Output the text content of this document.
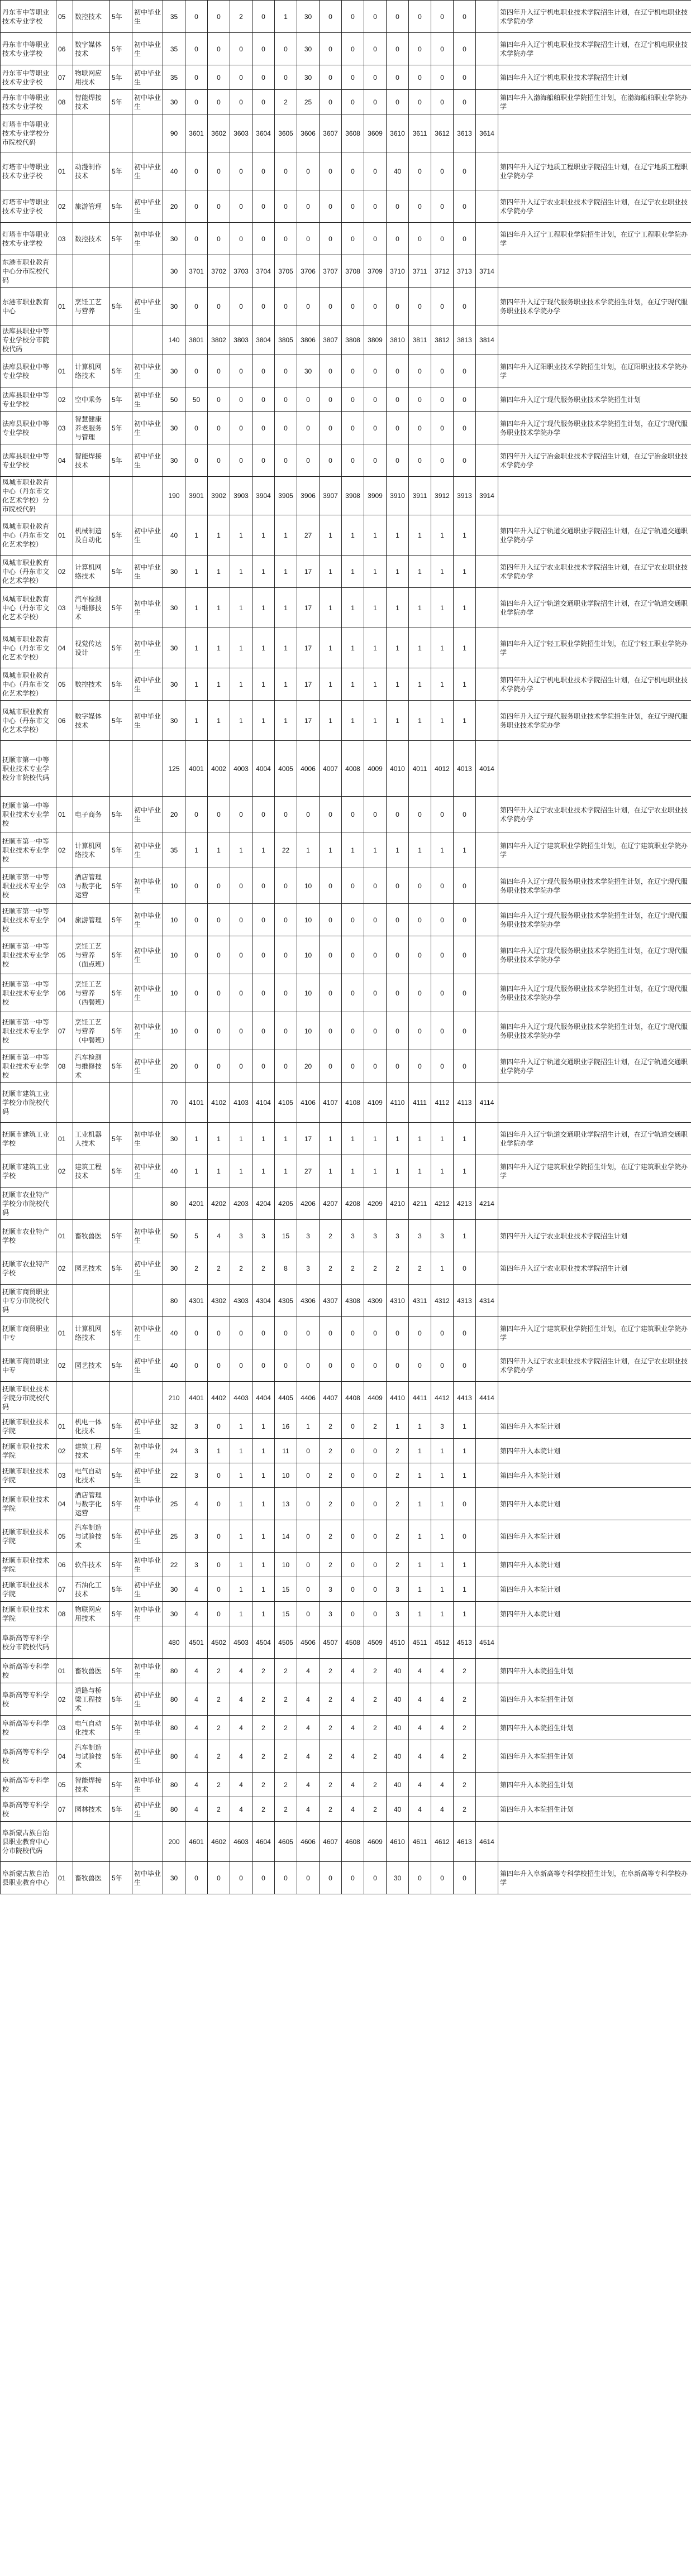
丹东市中等职业技术专业学校	05	数控技术	5年	初中毕业生	35	0	0	2	0	1	30	0	0	0	0	0	0	0		第四年升入辽宁机电职业技术学院招生计划，在辽宁机电职业技术学院办学
丹东市中等职业技术专业学校	06	数字媒体技术	5年	初中毕业生	35	0	0	0	0	0	30	0	0	0	0	0	0	0		第四年升入辽宁机电职业技术学院招生计划，在辽宁机电职业技术学院办学
丹东市中等职业技术专业学校	07	物联网应用技术	5年	初中毕业生	35	0	0	0	0	0	30	0	0	0	0	0	0	0		第四年升入辽宁机电职业技术学院招生计划
丹东市中等职业技术专业学校	08	智能焊接技术	5年	初中毕业生	30	0	0	0	0	2	25	0	0	0	0	0	0	0		第四年升入渤海船舶职业学院招生计划，在渤海船舶职业学院办学
灯塔市中等职业技术专业学校分市院校代码					90	3601	3602	3603	3604	3605	3606	3607	3608	3609	3610	3611	3612	3613	3614	
灯塔市中等职业技术专业学校	01	动漫制作技术	5年	初中毕业生	40	0	0	0	0	0	0	0	0	0	40	0	0	0		第四年升入辽宁地质工程职业学院招生计划，在辽宁地质工程职业学院办学
灯塔市中等职业技术专业学校	02	旅游管理	5年	初中毕业生	20	0	0	0	0	0	0	0	0	0	0	0	0	0		第四年升入辽宁农业职业技术学院招生计划，在辽宁农业职业技术学院办学
灯塔市中等职业技术专业学校	03	数控技术	5年	初中毕业生	30	0	0	0	0	0	0	0	0	0	0	0	0	0		第四年升入辽宁工程职业学院招生计划，在辽宁工程职业学院办学
东港市职业教育中心分市院校代码					30	3701	3702	3703	3704	3705	3706	3707	3708	3709	3710	3711	3712	3713	3714	
东港市职业教育中心	01	烹饪工艺与营养	5年	初中毕业生	30	0	0	0	0	0	0	0	0	0	0	0	0	0		第四年升入辽宁现代服务职业技术学院招生计划，在辽宁现代服务职业技术学院办学
法库县职业中等专业学校分市院校代码					140	3801	3802	3803	3804	3805	3806	3807	3808	3809	3810	3811	3812	3813	3814	
法库县职业中等专业学校	01	计算机网络技术	5年	初中毕业生	30	0	0	0	0	0	30	0	0	0	0	0	0	0		第四年升入辽阳职业技术学院招生计划，在辽阳职业技术学院办学
法库县职业中等专业学校	02	空中乘务	5年	初中毕业生	50	50	0	0	0	0	0	0	0	0	0	0	0	0		第四年升入辽宁现代服务职业技术学院招生计划
法库县职业中等专业学校	03	智慧健康养老服务与管理	5年	初中毕业生	30	0	0	0	0	0	0	0	0	0	0	0	0	0		第四年升入辽宁现代服务职业技术学院招生计划，在辽宁现代服务职业技术学院办学
法库县职业中等专业学校	04	智能焊接技术	5年	初中毕业生	30	0	0	0	0	0	0	0	0	0	0	0	0	0		第四年升入辽宁冶金职业技术学院招生计划，在辽宁冶金职业技术学院办学
凤城市职业教育中心（丹东市文化艺术学校）分市院校代码					190	3901	3902	3903	3904	3905	3906	3907	3908	3909	3910	3911	3912	3913	3914	
凤城市职业教育中心（丹东市文化艺术学校）	01	机械制造及自动化	5年	初中毕业生	40	1	1	1	1	1	27	1	1	1	1	1	1	1		第四年升入辽宁轨道交通职业学院招生计划，在辽宁轨道交通职业学院办学
凤城市职业教育中心（丹东市文化艺术学校）	02	计算机网络技术	5年	初中毕业生	30	1	1	1	1	1	17	1	1	1	1	1	1	1		第四年升入辽宁农业职业技术学院招生计划，在辽宁农业职业技术学院办学
凤城市职业教育中心（丹东市文化艺术学校）	03	汽车检测与维修技术	5年	初中毕业生	30	1	1	1	1	1	17	1	1	1	1	1	1	1		第四年升入辽宁轨道交通职业学院招生计划，在辽宁轨道交通职业学院办学
凤城市职业教育中心（丹东市文化艺术学校）	04	视觉传达设计	5年	初中毕业生	30	1	1	1	1	1	17	1	1	1	1	1	1	1		第四年升入辽宁轻工职业学院招生计划，在辽宁轻工职业学院办学
凤城市职业教育中心（丹东市文化艺术学校）	05	数控技术	5年	初中毕业生	30	1	1	1	1	1	17	1	1	1	1	1	1	1		第四年升入辽宁机电职业技术学院招生计划，在辽宁机电职业技术学院办学
凤城市职业教育中心（丹东市文化艺术学校）	06	数字媒体技术	5年	初中毕业生	30	1	1	1	1	1	17	1	1	1	1	1	1	1		第四年升入辽宁现代服务职业技术学院招生计划，在辽宁现代服务职业技术学院办学
抚顺市第一中等职业技术专业学校分市院校代码					125	4001	4002	4003	4004	4005	4006	4007	4008	4009	4010	4011	4012	4013	4014	
抚顺市第一中等职业技术专业学校	01	电子商务	5年	初中毕业生	20	0	0	0	0	0	0	0	0	0	0	0	0	0		第四年升入辽宁农业职业技术学院招生计划，在辽宁农业职业技术学院办学
抚顺市第一中等职业技术专业学校	02	计算机网络技术	5年	初中毕业生	35	1	1	1	1	22	1	1	1	1	1	1	1	1		第四年升入辽宁建筑职业学院招生计划，在辽宁建筑职业学院办学
抚顺市第一中等职业技术专业学校	03	酒店管理与数字化运营	5年	初中毕业生	10	0	0	0	0	0	10	0	0	0	0	0	0	0		第四年升入辽宁现代服务职业技术学院招生计划，在辽宁现代服务职业技术学院办学
抚顺市第一中等职业技术专业学校	04	旅游管理	5年	初中毕业生	10	0	0	0	0	0	10	0	0	0	0	0	0	0		第四年升入辽宁现代服务职业技术学院招生计划，在辽宁现代服务职业技术学院办学
抚顺市第一中等职业技术专业学校	05	烹饪工艺与营养（面点班）	5年	初中毕业生	10	0	0	0	0	0	10	0	0	0	0	0	0	0		第四年升入辽宁现代服务职业技术学院招生计划，在辽宁现代服务职业技术学院办学
抚顺市第一中等职业技术专业学校	06	烹饪工艺与营养（西餐班）	5年	初中毕业生	10	0	0	0	0	0	10	0	0	0	0	0	0	0		第四年升入辽宁现代服务职业技术学院招生计划，在辽宁现代服务职业技术学院办学
抚顺市第一中等职业技术专业学校	07	烹饪工艺与营养（中餐班）	5年	初中毕业生	10	0	0	0	0	0	10	0	0	0	0	0	0	0		第四年升入辽宁现代服务职业技术学院招生计划，在辽宁现代服务职业技术学院办学
抚顺市第一中等职业技术专业学校	08	汽车检测与维修技术	5年	初中毕业生	20	0	0	0	0	0	20	0	0	0	0	0	0	0		第四年升入辽宁轨道交通职业学院招生计划，在辽宁轨道交通职业学院办学
抚顺市建筑工业学校分市院校代码					70	4101	4102	4103	4104	4105	4106	4107	4108	4109	4110	4111	4112	4113	4114	
抚顺市建筑工业学校	01	工业机器人技术	5年	初中毕业生	30	1	1	1	1	1	17	1	1	1	1	1	1	1		第四年升入辽宁轨道交通职业学院招生计划，在辽宁轨道交通职业学院办学
抚顺市建筑工业学校	02	建筑工程技术	5年	初中毕业生	40	1	1	1	1	1	27	1	1	1	1	1	1	1		第四年升入辽宁建筑职业学院招生计划，在辽宁建筑职业学院办学
抚顺市农业特产学校分市院校代码					80	4201	4202	4203	4204	4205	4206	4207	4208	4209	4210	4211	4212	4213	4214	
抚顺市农业特产学校	01	畜牧兽医	5年	初中毕业生	50	5	4	3	3	15	3	2	3	3	3	3	3	1		第四年升入辽宁农业职业技术学院招生计划
抚顺市农业特产学校	02	园艺技术	5年	初中毕业生	30	2	2	2	2	8	3	2	2	2	2	2	1	0		第四年升入辽宁农业职业技术学院招生计划
抚顺市商贸职业中专分市院校代码					80	4301	4302	4303	4304	4305	4306	4307	4308	4309	4310	4311	4312	4313	4314	
抚顺市商贸职业中专	01	计算机网络技术	5年	初中毕业生	40	0	0	0	0	0	0	0	0	0	0	0	0	0		第四年升入辽宁建筑职业学院招生计划，在辽宁建筑职业学院办学
抚顺市商贸职业中专	02	园艺技术	5年	初中毕业生	40	0	0	0	0	0	0	0	0	0	0	0	0	0		第四年升入辽宁农业职业技术学院招生计划，在辽宁农业职业技术学院办学
抚顺市职业技术学院分市院校代码					210	4401	4402	4403	4404	4405	4406	4407	4408	4409	4410	4411	4412	4413	4414	
抚顺市职业技术学院	01	机电一体化技术	5年	初中毕业生	32	3	0	1	1	16	1	2	0	2	1	1	3	1		第四年升入本院计划
抚顺市职业技术学院	02	建筑工程技术	5年	初中毕业生	24	3	1	1	1	11	0	2	0	0	2	1	1	1		第四年升入本院计划
抚顺市职业技术学院	03	电气自动化技术	5年	初中毕业生	22	3	0	1	1	10	0	2	0	0	2	1	1	1		第四年升入本院计划
抚顺市职业技术学院	04	酒店管理与数字化运营	5年	初中毕业生	25	4	0	1	1	13	0	2	0	0	2	1	1	0		第四年升入本院计划
抚顺市职业技术学院	05	汽车制造与试验技术	5年	初中毕业生	25	3	0	1	1	14	0	2	0	0	2	1	1	0		第四年升入本院计划
抚顺市职业技术学院	06	软件技术	5年	初中毕业生	22	3	0	1	1	10	0	2	0	0	2	1	1	1		第四年升入本院计划
抚顺市职业技术学院	07	石油化工技术	5年	初中毕业生	30	4	0	1	1	15	0	3	0	0	3	1	1	1		第四年升入本院计划
抚顺市职业技术学院	08	物联网应用技术	5年	初中毕业生	30	4	0	1	1	15	0	3	0	0	3	1	1	1		第四年升入本院计划
阜新高等专科学校分市院校代码					480	4501	4502	4503	4504	4505	4506	4507	4508	4509	4510	4511	4512	4513	4514	
阜新高等专科学校	01	畜牧兽医	5年	初中毕业生	80	4	2	4	2	2	4	2	4	2	40	4	4	2		第四年升入本院招生计划
阜新高等专科学校	02	道路与桥梁工程技术	5年	初中毕业生	80	4	2	4	2	2	4	2	4	2	40	4	4	2		第四年升入本院招生计划
阜新高等专科学校	03	电气自动化技术	5年	初中毕业生	80	4	2	4	2	2	4	2	4	2	40	4	4	2		第四年升入本院招生计划
阜新高等专科学校	04	汽车制造与试验技术	5年	初中毕业生	80	4	2	4	2	2	4	2	4	2	40	4	4	2		第四年升入本院招生计划
阜新高等专科学校	05	智能焊接技术	5年	初中毕业生	80	4	2	4	2	2	4	2	4	2	40	4	4	2		第四年升入本院招生计划
阜新高等专科学校	07	园林技术	5年	初中毕业生	80	4	2	4	2	2	4	2	4	2	40	4	4	2		第四年升入本院招生计划
阜新蒙古族自治县职业教育中心分市院校代码					200	4601	4602	4603	4604	4605	4606	4607	4608	4609	4610	4611	4612	4613	4614	
阜新蒙古族自治县职业教育中心	01	畜牧兽医	5年	初中毕业生	30	0	0	0	0	0	0	0	0	0	30	0	0	0		第四年升入阜新高等专科学校招生计划，在阜新高等专科学校办学
